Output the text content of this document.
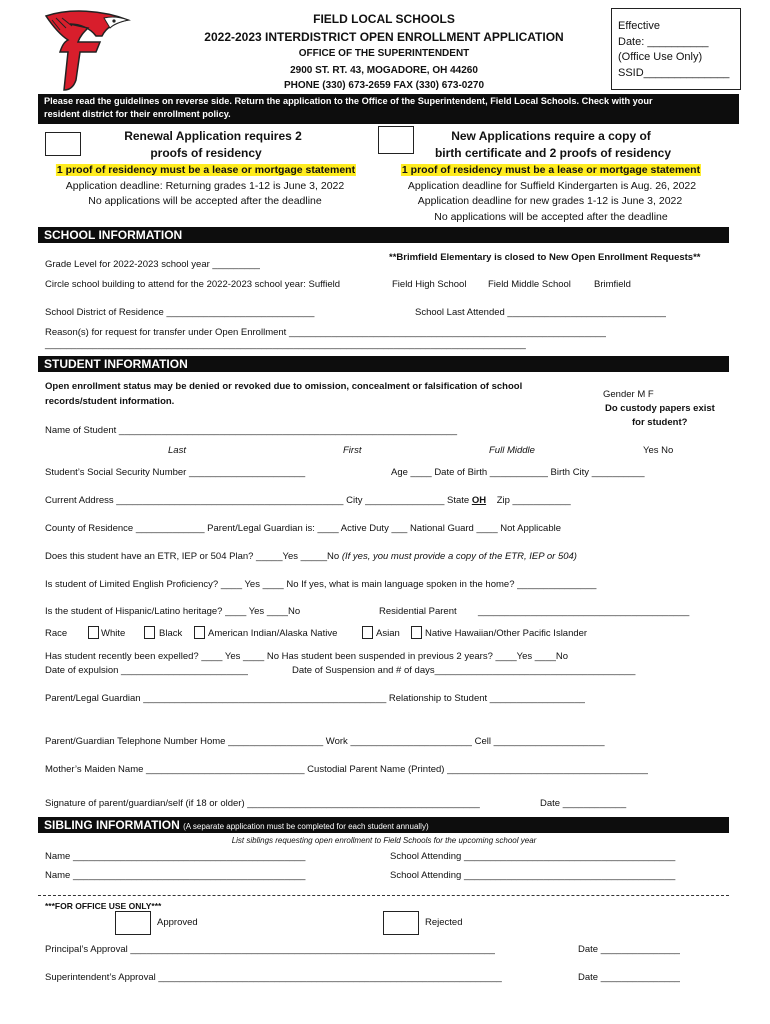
FIELD LOCAL SCHOOLS
2022-2023 INTERDISTRICT OPEN ENROLLMENT APPLICATION
OFFICE OF THE SUPERINTENDENT
2900 ST. RT. 43, MOGADORE, OH 44260
PHONE (330) 673-2659 FAX (330) 673-0270
Effective
Date: __________
(Office Use Only)
SSID______________
Please read the guidelines on reverse side. Return the application to the Office of the Superintendent, Field Local Schools. Check with your
resident district for their enrollment policy.
Renewal Application requires 2
proofs of residency
1 proof of residency must be a lease or mortgage statement
Application deadline: Returning grades 1-12 is June 3, 2022
No applications will be accepted after the deadline
New Applications require a copy of
birth certificate and 2 proofs of residency
1 proof of residency must be a lease or mortgage statement
Application deadline for Suffield Kindergarten is Aug. 26, 2022
Application deadline for new grades 1-12 is June 3, 2022
No applications will be accepted after the deadline
SCHOOL INFORMATION
**Brimfield Elementary is closed to New Open Enrollment Requests**
Grade Level for 2022-2023 school year _________
Circle school building to attend for the 2022-2023 school year: Suffield	Field High School Field Middle School Brimfield
School District of Residence ____________________________	School Last Attended ______________________________
Reason(s) for request for transfer under Open Enrollment ____________________________________________________________
___________________________________________________________________________________________
STUDENT INFORMATION
Open enrollment status may be denied or revoked due to omission, concealment or falsification of school
records/student information.
Gender M F
Do custody papers exist
for student?
Name of Student ________________________________________________________________
Last	First	Full Middle	Yes No
Student’s Social Security Number ______________________	Age ____ Date of Birth ___________ Birth City __________
Current Address ___________________________________________ City _______________ State OH Zip ___________
County of Residence _____________ Parent/Legal Guardian is: ____ Active Duty ___ National Guard ____ Not Applicable
Does this student have an ETR, IEP or 504 Plan? _____Yes _____No (If yes, you must provide a copy of the ETR, IEP or 504)
Is student of Limited English Proficiency? ____ Yes ____ No If yes, what is main language spoken in the home? _______________
Is the student of Hispanic/Latino heritage? ____ Yes ____No	Residential Parent ________________________________________
Race	White	Black	American Indian/Alaska Native	Asian	Native Hawaiian/Other Pacific Islander
Has student recently been expelled? ____ Yes ____ No Has student been suspended in previous 2 years? ____Yes ____No
Date of expulsion ________________________	Date of Suspension and # of days______________________________________
Parent/Legal Guardian ______________________________________________ Relationship to Student __________________
Parent/Guardian Telephone Number Home __________________ Work _______________________ Cell _____________________
Mother’s Maiden Name ______________________________ Custodial Parent Name (Printed) ______________________________________
Signature of parent/guardian/self (if 18 or older) ____________________________________________	Date ____________
SIBLING INFORMATION (A separate application must be completed for each student annually)
List siblings requesting open enrollment to Field Schools for the upcoming school year
Name ____________________________________________	School Attending ________________________________________
Name ____________________________________________	School Attending ________________________________________
***FOR OFFICE USE ONLY***
Approved	Rejected
Principal’s Approval _____________________________________________________________________	Date _______________
Superintendent’s Approval _________________________________________________________________	Date _______________
